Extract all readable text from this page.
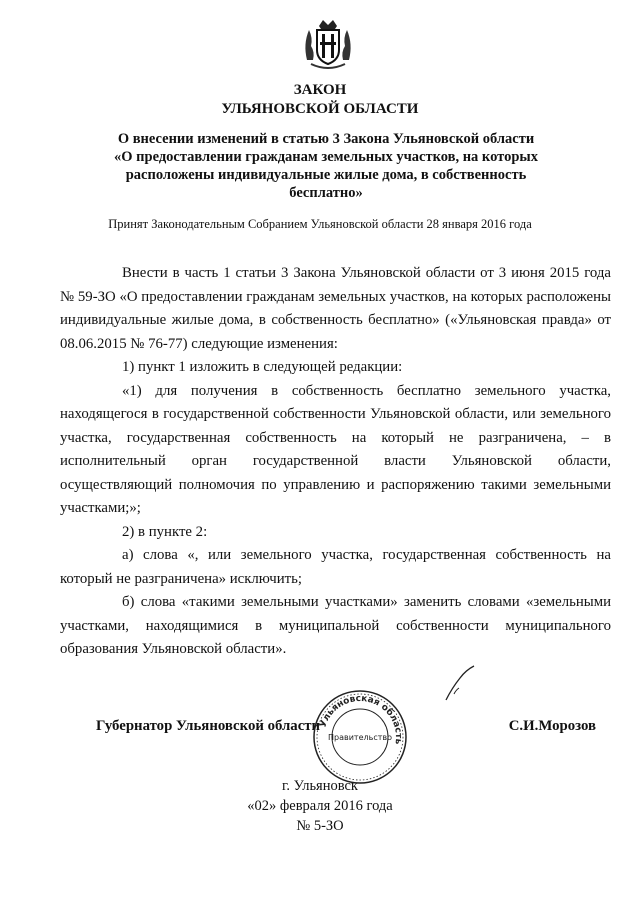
ЗАКОН
УЛЬЯНОВСКОЙ ОБЛАСТИ
О внесении изменений в статью 3 Закона Ульяновской области
«О предоставлении гражданам земельных участков, на которых
расположены индивидуальные жилые дома, в собственность бесплатно»
Принят Законодательным Собранием Ульяновской области 28 января 2016 года

Внести в часть 1 статьи 3 Закона Ульяновской области от 3 июня 2015 года № 59-ЗО «О предоставлении гражданам земельных участков, на которых расположены индивидуальные жилые дома, в собственность бесплатно» («Ульяновская правда» от 08.06.2015 № 76-77) следующие изменения:

1) пункт 1 изложить в следующей редакции:

«1) для получения в собственность бесплатно земельного участка, находящегося в государственной собственности Ульяновской области, или земельного участка, государственная собственность на который не разграничена, – в исполнительный орган государственной власти Ульяновской области, осуществляющий полномочия по управлению и распоряжению такими земельными участками;»;

2) в пункте 2:

а) слова «, или земельного участка, государственная собственность на который не разграничена» исключить;

б) слова «такими земельными участками» заменить словами «земельными участками, находящимися в муниципальной собственности муниципального образования Ульяновской области».

Губернатор Ульяновской области	С.И.Морозов
Ульяновская область
Правительство
г. Ульяновск
«02» февраля 2016 года
№ 5-ЗО
